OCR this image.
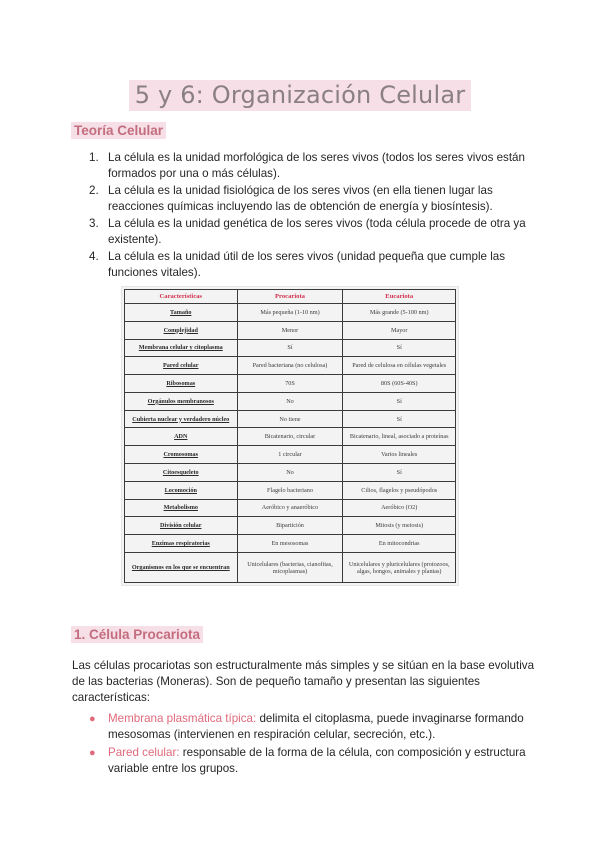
5 y 6: Organización Celular
Teoría Celular
1. La célula es la unidad morfológica de los seres vivos (todos los seres vivos están formados por una o más células).
2. La célula es la unidad fisiológica de los seres vivos (en ella tienen lugar las reacciones químicas incluyendo las de obtención de energía y biosíntesis).
3. La célula es la unidad genética de los seres vivos (toda célula procede de otra ya existente).
4. La célula es la unidad útil de los seres vivos (unidad pequeña que cumple las funciones vitales).
Características	Procariota	Eucariota
Tamaño	Más pequeña (1-10 nm)	Más grande (5-100 nm)
Complejidad	Menor	Mayor
Membrana celular y citoplasma	Sí	Sí
Pared celular	Pared bacteriana (no celulosa)	Pared de celulosa en células vegetales
Ribosomas	70S	80S (60S-40S)
Orgánulos membranosos	No	Sí
Cubierta nuclear y verdadero núcleo	No tiene	Sí
ADN	Bicatenario, circular	Bicatenario, lineal, asociado a proteínas
Cromosomas	1 circular	Varios lineales
Citoesqueleto	No	Sí
Locomoción	Flagelo bacteriano	Cilios, flagelos y pseudópodos
Metabolismo	Aeróbico y anaeróbico	Aeróbico (O2)
División celular	Bipartición	Mitosis (y meiosis)
Enzimas respiratorias	En mesosomas	En mitocondrias
Organismos en los que se encuentran	Unicelulares (bacterias, cianofitas, micoplasmas)	Unicelulares y pluricelulares (protozoos, algas, hongos, animales y plantas)
1. Célula Procariota

Las células procariotas son estructuralmente más simples y se sitúan en la base evolutiva de las bacterias (Moneras). Son de pequeño tamaño y presentan las siguientes características:

● Membrana plasmática típica: delimita el citoplasma, puede invaginarse formando mesosomas (intervienen en respiración celular, secreción, etc.).
● Pared celular: responsable de la forma de la célula, con composición y estructura variable entre los grupos.
